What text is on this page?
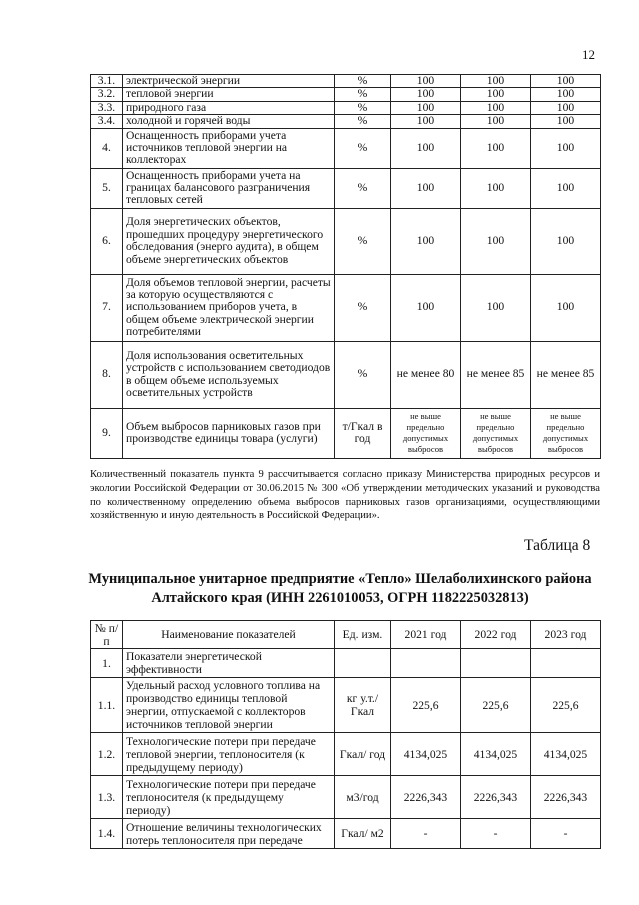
12
3.1.	электрической энергии	%	100	100	100
3.2.	тепловой энергии	%	100	100	100
3.3.	природного газа	%	100	100	100
3.4.	холодной и горячей воды	%	100	100	100
4.	Оснащенность приборами учета источников тепловой энергии на коллекторах	%	100	100	100
5.	Оснащенность приборами учета на границах балансового разграничения тепловых сетей	%	100	100	100
6.	Доля энергетических объектов, прошедших процедуру энергетического обследования (энерго аудита), в общем объеме энергетических объектов	%	100	100	100
7.	Доля объемов тепловой энергии, расчеты за которую осуществляются с использованием приборов учета, в общем объеме электрической энергии потребителями	%	100	100	100
8.	Доля использования осветительных устройств с использованием светодиодов в общем объеме используемых осветительных устройств	%	не менее 80	не менее 85	не менее 85
9.	Объем выбросов парниковых газов при производстве единицы товара (услуги)	т/Гкал в год	не выше предельно допустимых выбросов	не выше предельно допустимых выбросов	не выше предельно допустимых выбросов
Количественный показатель пункта 9 рассчитывается согласно приказу Министерства природных ресурсов и экологии Российской Федерации от 30.06.2015 № 300 «Об утверждении методических указаний и руководства по количественному определению объема выбросов парниковых газов организациями, осуществляющими хозяйственную и иную деятельность в Российской Федерации».
Таблица 8
Муниципальное унитарное предприятие «Тепло» Шелаболихинского района Алтайского края (ИНН 2261010053, ОГРН 1182225032813)
№ п/п	Наименование показателей	Ед. изм.	2021 год	2022 год	2023 год
1.	Показатели энергетической эффективности				
1.1.	Удельный расход условного топлива на производство единицы тепловой энергии, отпускаемой с коллекторов источников тепловой энергии	кг у.т./ Гкал	225,6	225,6	225,6
1.2.	Технологические потери при передаче тепловой энергии, теплоносителя (к предыдущему периоду)	Гкал/ год	4134,025	4134,025	4134,025
1.3.	Технологические потери при передаче теплоносителя (к предыдущему периоду)	м3/год	2226,343	2226,343	2226,343
1.4.	Отношение величины технологических потерь теплоносителя при передаче	Гкал/ м2	-	-	-
